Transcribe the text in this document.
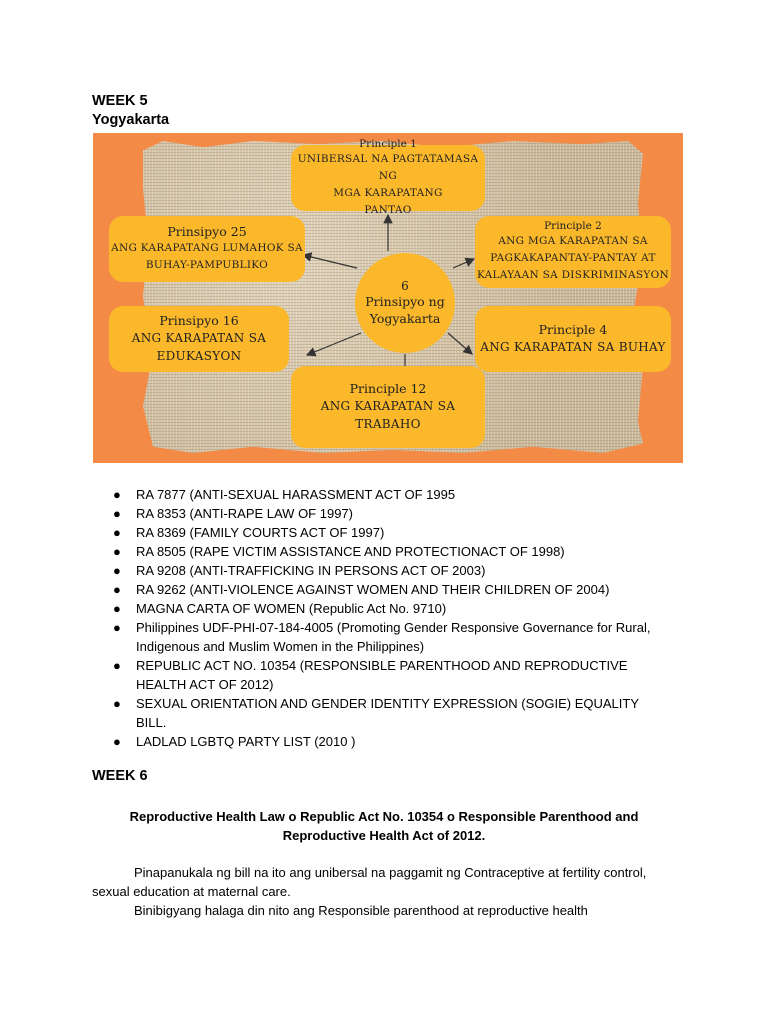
WEEK 5
Yogyakarta
Principle 1
UNIBERSAL NA PAGTATAMASA NG
MGA KARAPATANG
PANTAO
Prinsipyo 25
ANG KARAPATANG LUMAHOK SA
BUHAY-PAMPUBLIKO
Principle 2
ANG MGA KARAPATAN SA
PAGKAKAPANTAY-PANTAY AT
KALAYAAN SA DISKRIMINASYON
Prinsipyo 16
ANG KARAPATAN SA
EDUKASYON
Principle 4
ANG KARAPATAN SA BUHAY
Principle 12
ANG KARAPATAN SA TRABAHO
6
Prinsipyo ng
Yogyakarta
● RA 7877 (ANTI-SEXUAL HARASSMENT ACT OF 1995
● RA 8353 (ANTI-RAPE LAW OF 1997)
● RA 8369 (FAMILY COURTS ACT OF 1997)
● RA 8505 (RAPE VICTIM ASSISTANCE AND PROTECTIONACT OF 1998)
● RA 9208 (ANTI-TRAFFICKING IN PERSONS ACT OF 2003)
● RA 9262 (ANTI-VIOLENCE AGAINST WOMEN AND THEIR CHILDREN OF 2004)
● MAGNA CARTA OF WOMEN (Republic Act No. 9710)
● Philippines UDF-PHI-07-184-4005 (Promoting Gender Responsive Governance for Rural, Indigenous and Muslim Women in the Philippines)
● REPUBLIC ACT NO. 10354 (RESPONSIBLE PARENTHOOD AND REPRODUCTIVE HEALTH ACT OF 2012)
● SEXUAL ORIENTATION AND GENDER IDENTITY EXPRESSION (SOGIE) EQUALITY BILL.
● LADLAD LGBTQ PARTY LIST (2010 )
WEEK 6
Reproductive Health Law o Republic Act No. 10354 o Responsible Parenthood and Reproductive Health Act of 2012.
Pinapanukala ng bill na ito ang unibersal na paggamit ng Contraceptive at fertility control, sexual education at maternal care.
Binibigyang halaga din nito ang Responsible parenthood at reproductive health
